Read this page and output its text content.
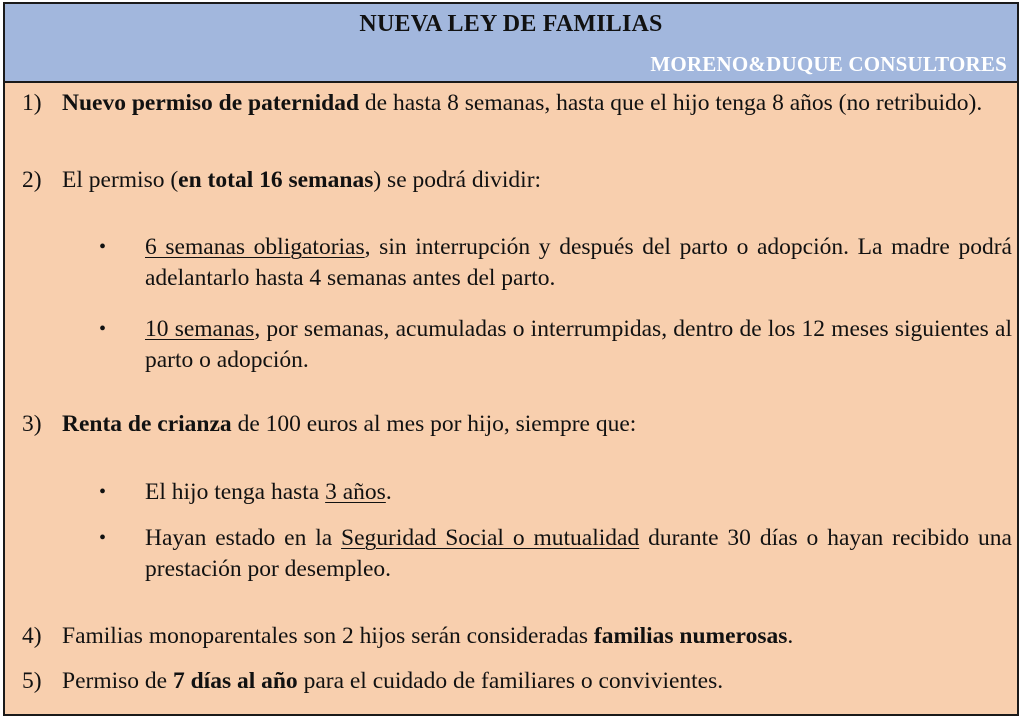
NUEVA LEY DE FAMILIAS
MORENO&DUQUE CONSULTORES
1) Nuevo permiso de paternidad de hasta 8 semanas, hasta que el hijo tenga 8 años (no retribuido).
2) El permiso (en total 16 semanas) se podrá dividir:
• 6 semanas obligatorias, sin interrupción y después del parto o adopción. La madre podrá adelantarlo hasta 4 semanas antes del parto.
• 10 semanas, por semanas, acumuladas o interrumpidas, dentro de los 12 meses siguientes al parto o adopción.
3) Renta de crianza de 100 euros al mes por hijo, siempre que:
• El hijo tenga hasta 3 años.
• Hayan estado en la Seguridad Social o mutualidad durante 30 días o hayan recibido una prestación por desempleo.
4) Familias monoparentales son 2 hijos serán consideradas familias numerosas.
5) Permiso de 7 días al año para el cuidado de familiares o convivientes.
